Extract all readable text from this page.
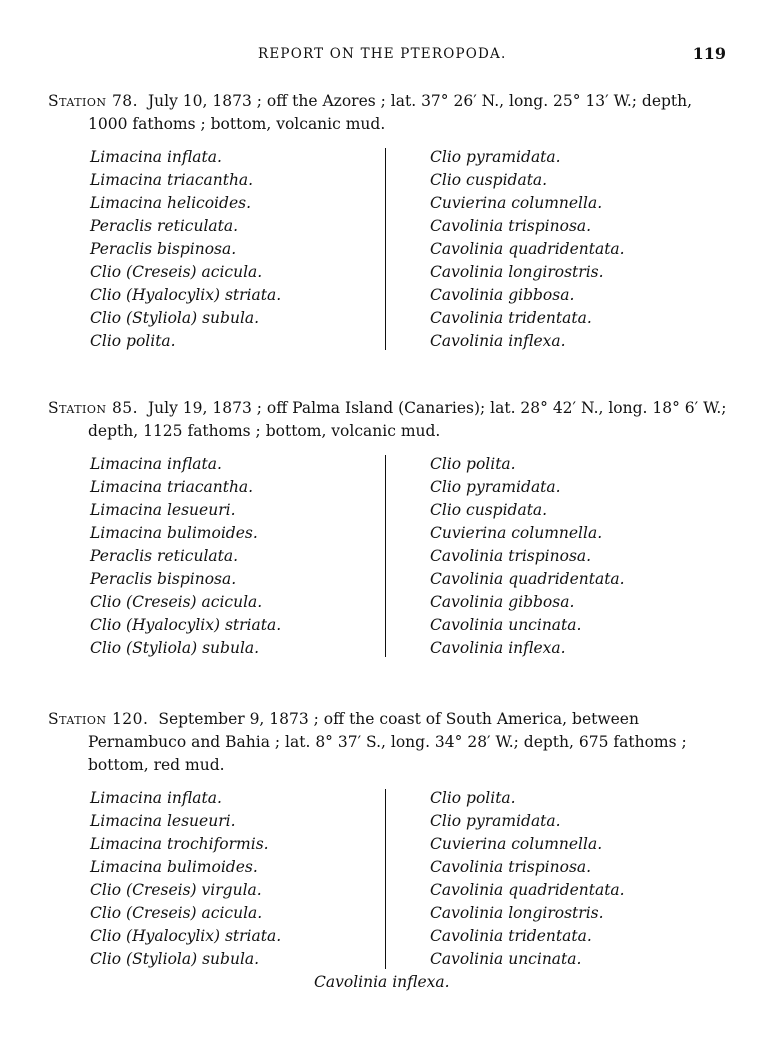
REPORT ON THE PTEROPODA.	119

Station 78. July 10, 1873 ; off the Azores ; lat. 37° 26′ N., long. 25° 13′ W.; depth, 1000 fathoms ; bottom, volcanic mud.

Limacina inflata.
Limacina triacantha.
Limacina helicoides.
Peraclis reticulata.
Peraclis bispinosa.
Clio (Creseis) acicula.
Clio (Hyalocylix) striata.
Clio (Styliola) subula.
Clio polita.
Clio pyramidata.
Clio cuspidata.
Cuvierina columnella.
Cavolinia trispinosa.
Cavolinia quadridentata.
Cavolinia longirostris.
Cavolinia gibbosa.
Cavolinia tridentata.
Cavolinia inflexa.

Station 85. July 19, 1873 ; off Palma Island (Canaries); lat. 28° 42′ N., long. 18° 6′ W.; depth, 1125 fathoms ; bottom, volcanic mud.

Limacina inflata.
Limacina triacantha.
Limacina lesueuri.
Limacina bulimoides.
Peraclis reticulata.
Peraclis bispinosa.
Clio (Creseis) acicula.
Clio (Hyalocylix) striata.
Clio (Styliola) subula.
Clio polita.
Clio pyramidata.
Clio cuspidata.
Cuvierina columnella.
Cavolinia trispinosa.
Cavolinia quadridentata.
Cavolinia gibbosa.
Cavolinia uncinata.
Cavolinia inflexa.

Station 120. September 9, 1873 ; off the coast of South America, between Pernambuco and Bahia ; lat. 8° 37′ S., long. 34° 28′ W.; depth, 675 fathoms ; bottom, red mud.

Limacina inflata.
Limacina lesueuri.
Limacina trochiformis.
Limacina bulimoides.
Clio (Creseis) virgula.
Clio (Creseis) acicula.
Clio (Hyalocylix) striata.
Clio (Styliola) subula.
Clio polita.
Clio pyramidata.
Cuvierina columnella.
Cavolinia trispinosa.
Cavolinia quadridentata.
Cavolinia longirostris.
Cavolinia tridentata.
Cavolinia uncinata.
Cavolinia inflexa.
